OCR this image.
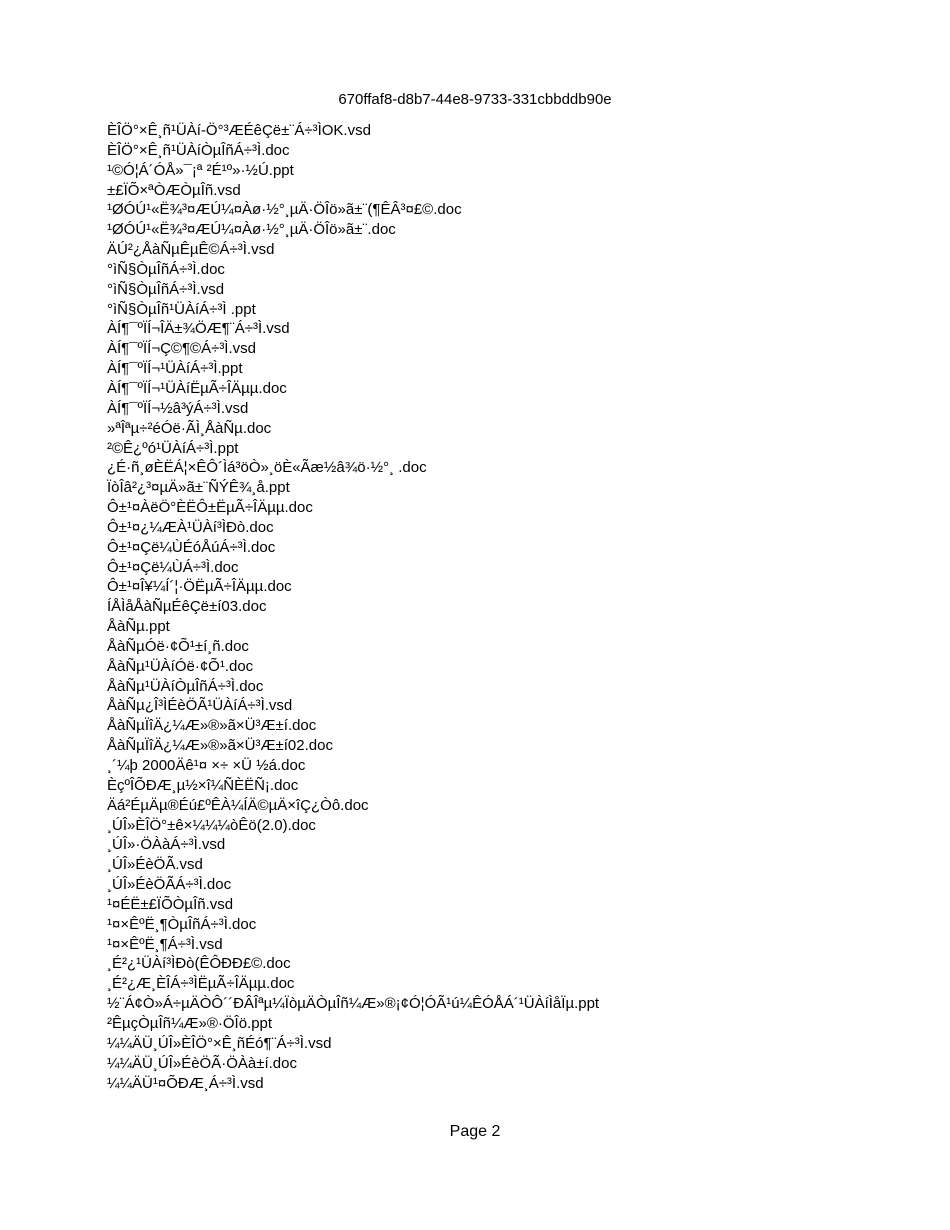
670ffaf8-d8b7-44e8-9733-331cbbddb90e
ÈÎÖ°×Ê¸ñ¹ÜÀí-Ö°³ÆÉêÇë±¨Á÷³ÌOK.vsd
ÈÎÖ°×Ê¸ñ¹ÜÀíÒµÎñÁ÷³Ì.doc
¹©Ó¦Á´ÓÅ»¯¡ª ²É¹º»·½Ú.ppt
±£ÏÕ×ªÒÆÒµÎñ.vsd
¹ØÓÚ¹«Ë¾³¤ÆÚ¼¤Àø·½°¸µÄ·ÖÎö»ã±¨(¶ÊÂ³¤£©.doc
¹ØÓÚ¹«Ë¾³¤ÆÚ¼¤Àø·½°¸µÄ·ÖÎö»ã±¨.doc
ÄÚ²¿ÅàÑµÊµÊ©Á÷³Ì.vsd
°ìÑ§ÒµÎñÁ÷³Ì.doc
°ìÑ§ÒµÎñÁ÷³Ì.vsd
°ìÑ§ÒµÎñ¹ÜÀíÁ÷³Ì .ppt
ÀÍ¶¯ºÏÍ¬ÎÄ±¾ÖÆ¶¨Á÷³Ì.vsd
ÀÍ¶¯ºÏÍ¬Ç©¶©Á÷³Ì.vsd
ÀÍ¶¯ºÏÍ¬¹ÜÀíÁ÷³Ì.ppt
ÀÍ¶¯ºÏÍ¬¹ÜÀíËµÃ÷ÎÄµµ.doc
ÀÍ¶¯ºÏÍ¬½â³ýÁ÷³Ì.vsd
»ªÎªµ÷²éÓë·ÃÌ¸ÅàÑµ.doc
²©Ê¿ºó¹ÜÀíÁ÷³Ì.ppt
¿É·ñ¸øÈËÁ¦×ÊÔ´Ìá³öÒ»¸öÈ«Ãæ½â¾ö·½°¸ .doc
ÏòÎâ²¿³¤µÄ»ã±¨ÑÝÊ¾¸å.ppt
Ô±¹¤ÀëÖ°ÈËÔ±ËµÃ÷ÎÄµµ.doc
Ô±¹¤¿¼ÆÀ¹ÜÀí³ÌÐò.doc
Ô±¹¤Çë¼ÙÉóÅúÁ÷³Ì.doc
Ô±¹¤Çë¼ÙÁ÷³Ì.doc
Ô±¹¤Î¥¼Í´¦·ÖËµÃ÷ÎÄµµ.doc
ÍÅÌåÅàÑµÉêÇë±í03.doc
ÅàÑµ.ppt
ÅàÑµÓë·¢Õ¹±í¸ñ.doc
ÅàÑµ¹ÜÀíÓë·¢Õ¹.doc
ÅàÑµ¹ÜÀíÒµÎñÁ÷³Ì.doc
ÅàÑµ¿Î³ÌÉèÖÃ¹ÜÀíÁ÷³Ì.vsd
ÅàÑµÏîÄ¿¼Æ»®»ã×Ü³Æ±í.doc
ÅàÑµÏîÄ¿¼Æ»®»ã×Ü³Æ±í02.doc
¸´¼þ 2000Äê¹¤ ×÷ ×Ü ½á.doc
ÈçºÎÕÐÆ¸µ½×î¼ÑÈËÑ¡.doc
Äá²ÉµÄµ®Éú£ºÊÀ¼ÍÄ©µÄ×îÇ¿Òô.doc
¸ÚÎ»ÈÎÖ°±ê×¼¼¼òÊö(2.0).doc
¸ÚÎ»·ÖÀàÁ÷³Ì.vsd
¸ÚÎ»ÉèÖÃ.vsd
¸ÚÎ»ÉèÖÃÁ÷³Ì.doc
¹¤ÉË±£ÏÕÒµÎñ.vsd
¹¤×ÊºË¸¶ÒµÎñÁ÷³Ì.doc
¹¤×ÊºË¸¶Á÷³Ì.vsd
¸É²¿¹ÜÀí³ÌÐò(ÊÔÐÐ£©.doc
¸É²¿Æ¸ÈÎÁ÷³ÌËµÃ÷ÎÄµµ.doc
½¨Á¢Ò»Á÷µÄÒÔ´´ÐÂÎªµ¼ÏòµÄÒµÎñ¼Æ»®¡¢Ó¦ÓÃ¹ú¼ÊÓÅÁ´¹ÜÀíÌåÏµ.ppt
²ÊµçÒµÎñ¼Æ»®·ÖÎö.ppt
¼¼ÄÜ¸ÚÎ»ÈÎÖ°×Ê¸ñÉó¶¨Á÷³Ì.vsd
¼¼ÄÜ¸ÚÎ»ÉèÖÃ·ÖÀà±í.doc
¼¼ÄÜ¹¤ÕÐÆ¸Á÷³Ì.vsd
Page 2
